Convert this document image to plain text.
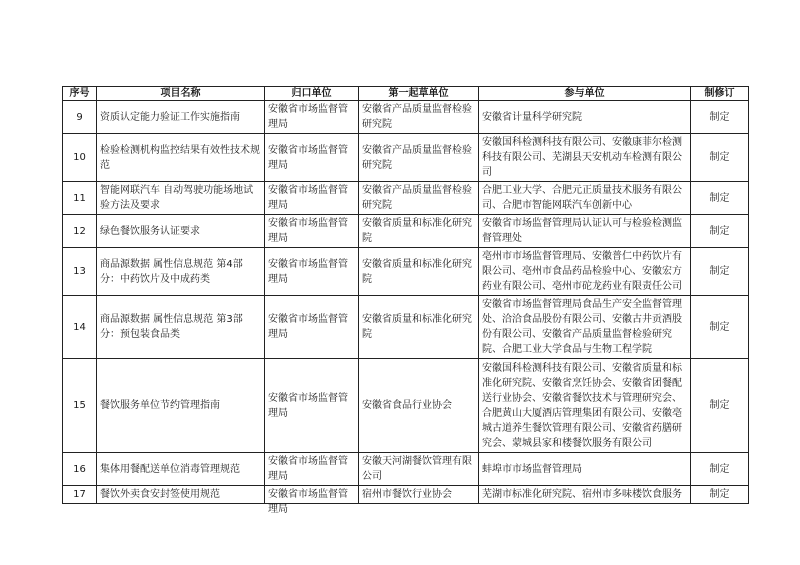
序号	项目名称	归口单位	第一起草单位	参与单位	制修订
9	资质认定能力验证工作实施指南	安徽省市场监督管理局	安徽省产品质量监督检验研究院	安徽省计量科学研究院	制定
10	检验检测机构监控结果有效性技术规范	安徽省市场监督管理局	安徽省产品质量监督检验研究院	安徽国科检测科技有限公司、安徽康菲尔检测科技有限公司、芜湖县天安机动车检测有限公司	制定
11	智能网联汽车 自动驾驶功能场地试验方法及要求	安徽省市场监督管理局	安徽省产品质量监督检验研究院	合肥工业大学、合肥元正质量技术服务有限公司、合肥市智能网联汽车创新中心	制定
12	绿色餐饮服务认证要求	安徽省市场监督管理局	安徽省质量和标准化研究院	安徽省市场监督管理局认证认可与检验检测监督管理处	制定
13	商品源数据 属性信息规范 第4部分：中药饮片及中成药类	安徽省市场监督管理局	安徽省质量和标准化研究院	亳州市市场监督管理局、安徽普仁中药饮片有限公司、亳州市食品药品检验中心、安徽宏方药业有限公司、亳州市砣龙药业有限责任公司	制定
14	商品源数据 属性信息规范 第3部分：预包装食品类	安徽省市场监督管理局	安徽省质量和标准化研究院	安徽省市场监督管理局食品生产安全监督管理处、洽洽食品股份有限公司、安徽古井贡酒股份有限公司、安徽省产品质量监督检验研究院、合肥工业大学食品与生物工程学院	制定
15	餐饮服务单位节约管理指南	安徽省市场监督管理局	安徽省食品行业协会	安徽国科检测科技有限公司、安徽省质量和标准化研究院、安徽省烹饪协会、安徽省团餐配送行业协会、安徽省餐饮技术与管理研究会、合肥黄山大厦酒店管理集团有限公司、安徽亳城古道养生餐饮管理有限公司、安徽省药膳研究会、蒙城县家和楼餐饮服务有限公司	制定
16	集体用餐配送单位消毒管理规范	安徽省市场监督管理局	安徽天河湖餐饮管理有限公司	蚌埠市市场监督管理局	制定
17	餐饮外卖食安封签使用规范	安徽省市场监督管理局	宿州市餐饮行业协会	芜湖市标准化研究院、宿州市多味楼饮食服务	制定
